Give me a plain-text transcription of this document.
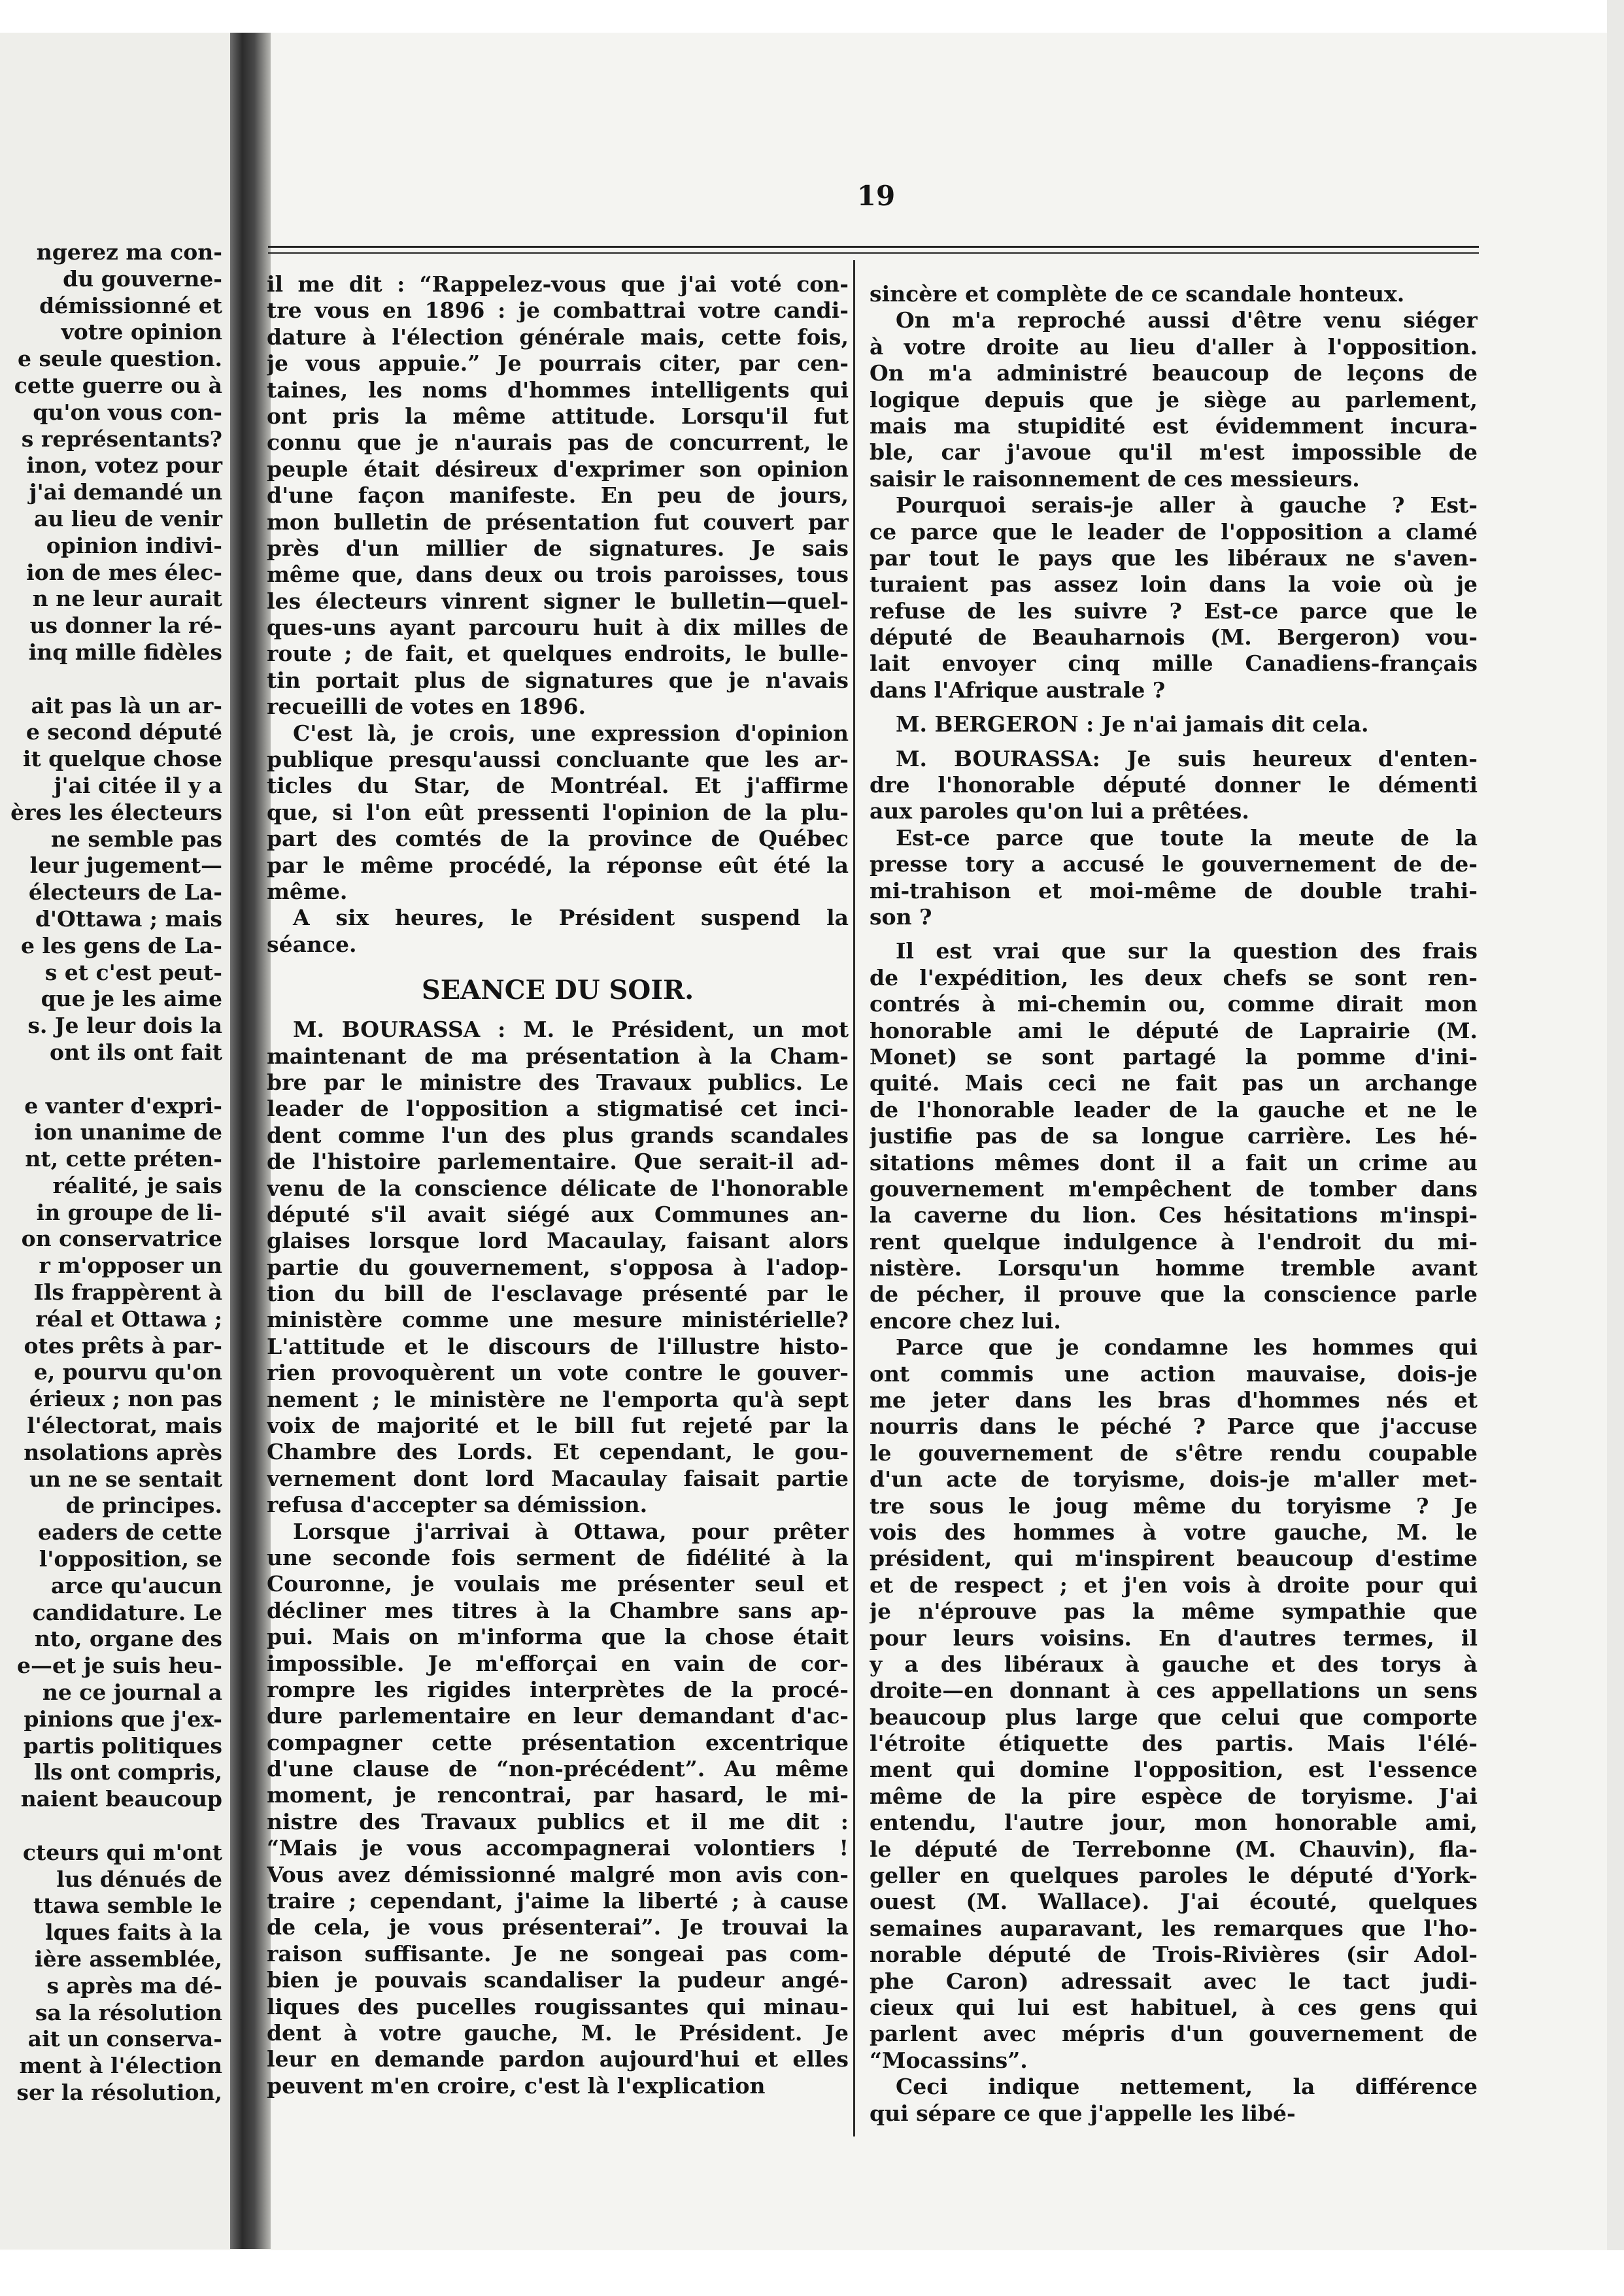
ngerez ma con-
du gouverne-
démissionné et
votre opinion
e seule question.
cette guerre ou à
qu'on vous con-
s représentants?
inon, votez pour
j'ai demandé un
au lieu de venir
opinion indivi-
ion de mes élec-
n ne leur aurait
us donner la ré-
inq mille fidèles
ait pas là un ar-
e second député
it quelque chose
j'ai citée il y a
ères les électeurs
ne semble pas
leur jugement—
électeurs de La-
d'Ottawa ; mais
e les gens de La-
s et c'est peut-
que je les aime
s. Je leur dois la
ont ils ont fait
e vanter d'expri-
ion unanime de
nt, cette préten-
réalité, je sais
in groupe de li-
on conservatrice
r m'opposer un
Ils frappèrent à
réal et Ottawa ;
otes prêts à par-
e, pourvu qu'on
érieux ; non pas
l'électorat, mais
nsolations après
un ne se sentait
de principes.
eaders de cette
l'opposition, se
arce qu'aucun
candidature. Le
nto, organe des
e—et je suis heu-
ne ce journal a
pinions que j'ex-
partis politiques
lls ont compris,
naient beaucoup
cteurs qui m'ont
lus dénués de
ttawa semble le
lques faits à la
ière assemblée,
s après ma dé-
sa la résolution
ait un conserva-
ment à l'élection
ser la résolution,
19
il me dit : “Rappelez-vous que j'ai voté con-
tre vous en 1896 : je combattrai votre candi-
dature à l'élection générale mais, cette fois,
je vous appuie.” Je pourrais citer, par cen-
taines, les noms d'hommes intelligents qui
ont pris la même attitude. Lorsqu'il fut
connu que je n'aurais pas de concurrent, le
peuple était désireux d'exprimer son opinion
d'une façon manifeste. En peu de jours,
mon bulletin de présentation fut couvert par
près d'un millier de signatures. Je sais
même que, dans deux ou trois paroisses, tous
les électeurs vinrent signer le bulletin—quel-
ques-uns ayant parcouru huit à dix milles de
route ; de fait, et quelques endroits, le bulle-
tin portait plus de signatures que je n'avais
recueilli de votes en 1896.
C'est là, je crois, une expression d'opinion
publique presqu'aussi concluante que les ar-
ticles du Star, de Montréal. Et j'affirme
que, si l'on eût pressenti l'opinion de la plu-
part des comtés de la province de Québec
par le même procédé, la réponse eût été la
même.
A six heures, le Président suspend la
séance.
SEANCE DU SOIR.
M. BOURASSA : M. le Président, un mot
maintenant de ma présentation à la Cham-
bre par le ministre des Travaux publics. Le
leader de l'opposition a stigmatisé cet inci-
dent comme l'un des plus grands scandales
de l'histoire parlementaire. Que serait-il ad-
venu de la conscience délicate de l'honorable
député s'il avait siégé aux Communes an-
glaises lorsque lord Macaulay, faisant alors
partie du gouvernement, s'opposa à l'adop-
tion du bill de l'esclavage présenté par le
ministère comme une mesure ministérielle?
L'attitude et le discours de l'illustre histo-
rien provoquèrent un vote contre le gouver-
nement ; le ministère ne l'emporta qu'à sept
voix de majorité et le bill fut rejeté par la
Chambre des Lords. Et cependant, le gou-
vernement dont lord Macaulay faisait partie
refusa d'accepter sa démission.
Lorsque j'arrivai à Ottawa, pour prêter
une seconde fois serment de fidélité à la
Couronne, je voulais me présenter seul et
décliner mes titres à la Chambre sans ap-
pui. Mais on m'informa que la chose était
impossible. Je m'efforçai en vain de cor-
rompre les rigides interprètes de la procé-
dure parlementaire en leur demandant d'ac-
compagner cette présentation excentrique
d'une clause de “non-précédent”. Au même
moment, je rencontrai, par hasard, le mi-
nistre des Travaux publics et il me dit :
“Mais je vous accompagnerai volontiers !
Vous avez démissionné malgré mon avis con-
traire ; cependant, j'aime la liberté ; à cause
de cela, je vous présenterai”. Je trouvai la
raison suffisante. Je ne songeai pas com-
bien je pouvais scandaliser la pudeur angé-
liques des pucelles rougissantes qui minau-
dent à votre gauche, M. le Président. Je
leur en demande pardon aujourd'hui et elles
peuvent m'en croire, c'est là l'explication
sincère et complète de ce scandale honteux.
On m'a reproché aussi d'être venu siéger
à votre droite au lieu d'aller à l'opposition.
On m'a administré beaucoup de leçons de
logique depuis que je siège au parlement,
mais ma stupidité est évidemment incura-
ble, car j'avoue qu'il m'est impossible de
saisir le raisonnement de ces messieurs.
Pourquoi serais-je aller à gauche ? Est-
ce parce que le leader de l'opposition a clamé
par tout le pays que les libéraux ne s'aven-
turaient pas assez loin dans la voie où je
refuse de les suivre ? Est-ce parce que le
député de Beauharnois (M. Bergeron) vou-
lait envoyer cinq mille Canadiens-français
dans l'Afrique australe ?
M. BERGERON : Je n'ai jamais dit cela.
M. BOURASSA: Je suis heureux d'enten-
dre l'honorable député donner le démenti
aux paroles qu'on lui a prêtées.
Est-ce parce que toute la meute de la
presse tory a accusé le gouvernement de de-
mi-trahison et moi-même de double trahi-
son ?
Il est vrai que sur la question des frais
de l'expédition, les deux chefs se sont ren-
contrés à mi-chemin ou, comme dirait mon
honorable ami le député de Laprairie (M.
Monet) se sont partagé la pomme d'ini-
quité. Mais ceci ne fait pas un archange
de l'honorable leader de la gauche et ne le
justifie pas de sa longue carrière. Les hé-
sitations mêmes dont il a fait un crime au
gouvernement m'empêchent de tomber dans
la caverne du lion. Ces hésitations m'inspi-
rent quelque indulgence à l'endroit du mi-
nistère. Lorsqu'un homme tremble avant
de pécher, il prouve que la conscience parle
encore chez lui.
Parce que je condamne les hommes qui
ont commis une action mauvaise, dois-je
me jeter dans les bras d'hommes nés et
nourris dans le péché ? Parce que j'accuse
le gouvernement de s'être rendu coupable
d'un acte de toryisme, dois-je m'aller met-
tre sous le joug même du toryisme ? Je
vois des hommes à votre gauche, M. le
président, qui m'inspirent beaucoup d'estime
et de respect ; et j'en vois à droite pour qui
je n'éprouve pas la même sympathie que
pour leurs voisins. En d'autres termes, il
y a des libéraux à gauche et des torys à
droite—en donnant à ces appellations un sens
beaucoup plus large que celui que comporte
l'étroite étiquette des partis. Mais l'élé-
ment qui domine l'opposition, est l'essence
même de la pire espèce de toryisme. J'ai
entendu, l'autre jour, mon honorable ami,
le député de Terrebonne (M. Chauvin), fla-
geller en quelques paroles le député d'York-
ouest (M. Wallace). J'ai écouté, quelques
semaines auparavant, les remarques que l'ho-
norable député de Trois-Rivières (sir Adol-
phe Caron) adressait avec le tact judi-
cieux qui lui est habituel, à ces gens qui
parlent avec mépris d'un gouvernement de
“Mocassins”.
Ceci indique nettement, la différence
qui sépare ce que j'appelle les libé-
